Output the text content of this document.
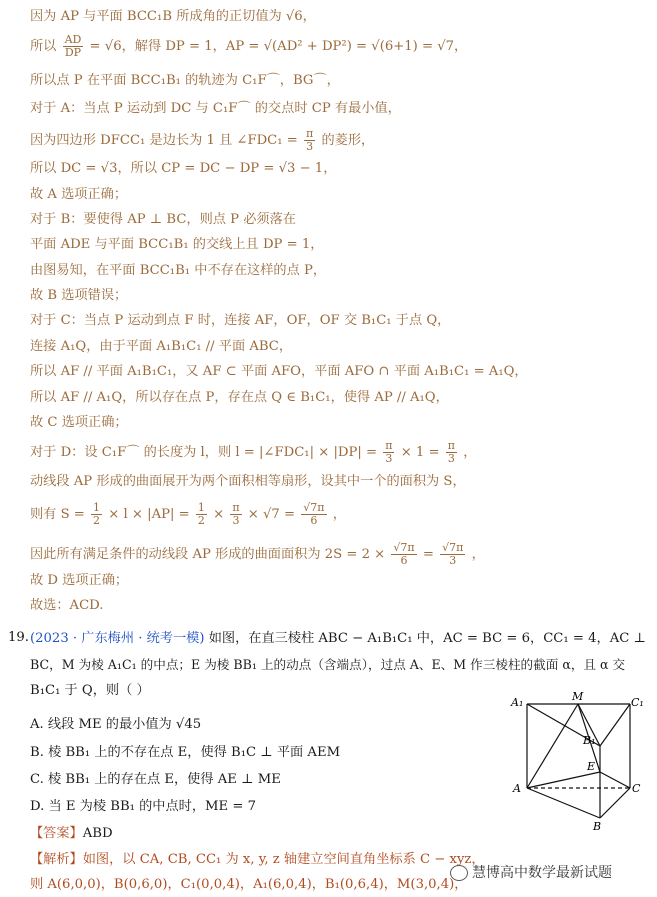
因为 AP 与平面 BCC₁B 所成角的正切值为 √6，
所以 $\frac{AD}{DP} = √6$，解得 DP = 1，AP = √(AD² + DP²) = √(6+1) = √7，
所以点 P 在平面 BCC₁B₁ 的轨迹为 C₁F⌒，BG⌒，
对于 A：当点 P 运动到 DC 与 C₁F⌒ 的交点时 CP 有最小值，
因为四边形 DFCC₁ 是边长为 1 且 ∠FDC₁ = $\frac{\pi}{3}$ 的菱形，
所以 DC = √3，所以 CP = DC − DP = √3 − 1，
故 A 选项正确；
对于 B：要使得 AP ⊥ BC，则点 P 必须落在
平面 ADE 与平面 BCC₁B₁ 的交线上且 DP = 1，
由图易知，在平面 BCC₁B₁ 中不存在这样的点 P，
故 B 选项错误；
对于 C：当点 P 运动到点 F 时，连接 AF，OF，OF 交 B₁C₁ 于点 Q，
连接 A₁Q，由于平面 A₁B₁C₁ // 平面 ABC，
所以 AF // 平面 A₁B₁C₁，又 AF ⊂ 平面 AFO，平面 AFO ∩ 平面 A₁B₁C₁ = A₁Q，
所以 AF // A₁Q，所以存在点 P，存在点 Q ∈ B₁C₁，使得 AP // A₁Q，
故 C 选项正确；
对于 D：设 C₁F⌒ 的长度为 l，则 l = |∠FDC₁| × $|DP| = \frac{\pi}{3} \times 1 = \frac{\pi}{3}$ ，
动线段 AP 形成的曲面展开为两个面积相等扇形，设其中一个的面积为 S，
则有 $S = \frac{1}{2} \times l \times |AP| = \frac{1}{2} \times \frac{\pi}{3} \times √7 = \frac{√7\pi}{6}$ ，
因此所有满足条件的动线段 AP 形成的曲面面积为 $2S = 2 \times \frac{√7\pi}{6} = \frac{√7\pi}{3}$ ，
故 D 选项正确；
故选：ACD.
19. (2023 · 广东梅州 · 统考一模) 如图，在直三棱柱 ABC − A₁B₁C₁ 中，AC = BC = 6，CC₁ = 4，AC ⊥
BC，M 为棱 A₁C₁ 的中点；E 为棱 BB₁ 上的动点（含端点），过点 A、E、M 作三棱柱的截面 α，且 α 交
B₁C₁ 于 Q，则（ ）
A. 线段 ME 的最小值为 √45
B. 棱 BB₁ 上的不存在点 E，使得 B₁C ⊥ 平面 AEM
C. 棱 BB₁ 上的存在点 E，使得 AE ⊥ ME
D. 当 E 为棱 BB₁ 的中点时，ME = 7
【答案】ABD
【解析】如图，以 CA, CB, CC₁ 为 x, y, z 轴建立空间直角坐标系 C − xyz，
则 A(6,0,0)，B(0,6,0)，C₁(0,0,4)，A₁(6,0,4)，B₁(0,6,4)，M(3,0,4)，
A₁	M	C₁
B₁
E
A	C
B
慧博高中数学最新试题
